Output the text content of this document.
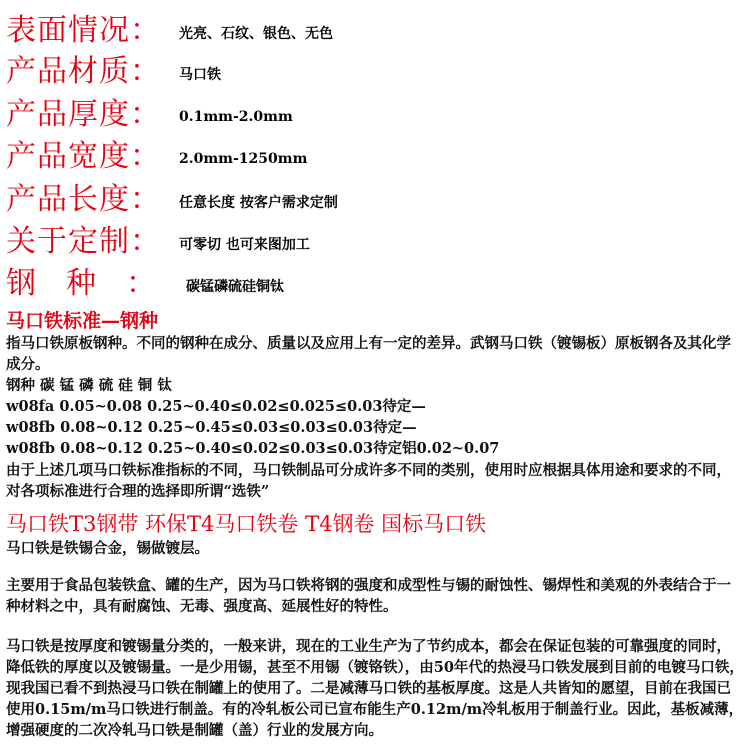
表面情况： 光亮、石纹、银色、无色
产品材质： 马口铁
产品厚度： 0.1mm-2.0mm
产品宽度： 2.0mm-1250mm
产品长度： 任意长度 按客户需求定制
关于定制： 可零切 也可来图加工
钢种： 碳锰磷硫硅铜钛
马口铁标准—钢种
指马口铁原板钢种。不同的钢种在成分、质量以及应用上有一定的差异。武钢马口铁（镀锡板）原板钢各及其化学成分。
钢种 碳 锰 磷 硫 硅 铜 钛
w08fa 0.05~0.08 0.25~0.40≤0.02≤0.025≤0.03待定—
w08fb 0.08~0.12 0.25~0.45≤0.03≤0.03≤0.03待定—
w08fb 0.08~0.12 0.25~0.40≤0.02≤0.03≤0.03待定铝0.02~0.07
由于上述几项马口铁标准指标的不同，马口铁制品可分成许多不同的类别，使用时应根据具体用途和要求的不同，对各项标准进行合理的选择即所谓“选铁”
马口铁T3钢带 环保T4马口铁卷 T4钢卷 国标马口铁
马口铁是铁锡合金，锡做镀层。
主要用于食品包装铁盒、罐的生产，因为马口铁将钢的强度和成型性与锡的耐蚀性、锡焊性和美观的外表结合于一种材料之中，具有耐腐蚀、无毒、强度高、延展性好的特性。
马口铁是按厚度和镀锡量分类的，一般来讲，现在的工业生产为了节约成本，都会在保证包装的可靠强度的同时，降低铁的厚度以及镀锡量。一是少用锡，甚至不用锡（镀铬铁），由50年代的热浸马口铁发展到目前的电镀马口铁，现我国已看不到热浸马口铁在制罐上的使用了。二是减薄马口铁的基板厚度。这是人共皆知的愿望，目前在我国已使用0.15m/m马口铁进行制盖。有的冷轧板公司已宣布能生产0.12m/m冷轧板用于制盖行业。因此，基板减薄，增强硬度的二次冷轧马口铁是制罐（盖）行业的发展方向。
